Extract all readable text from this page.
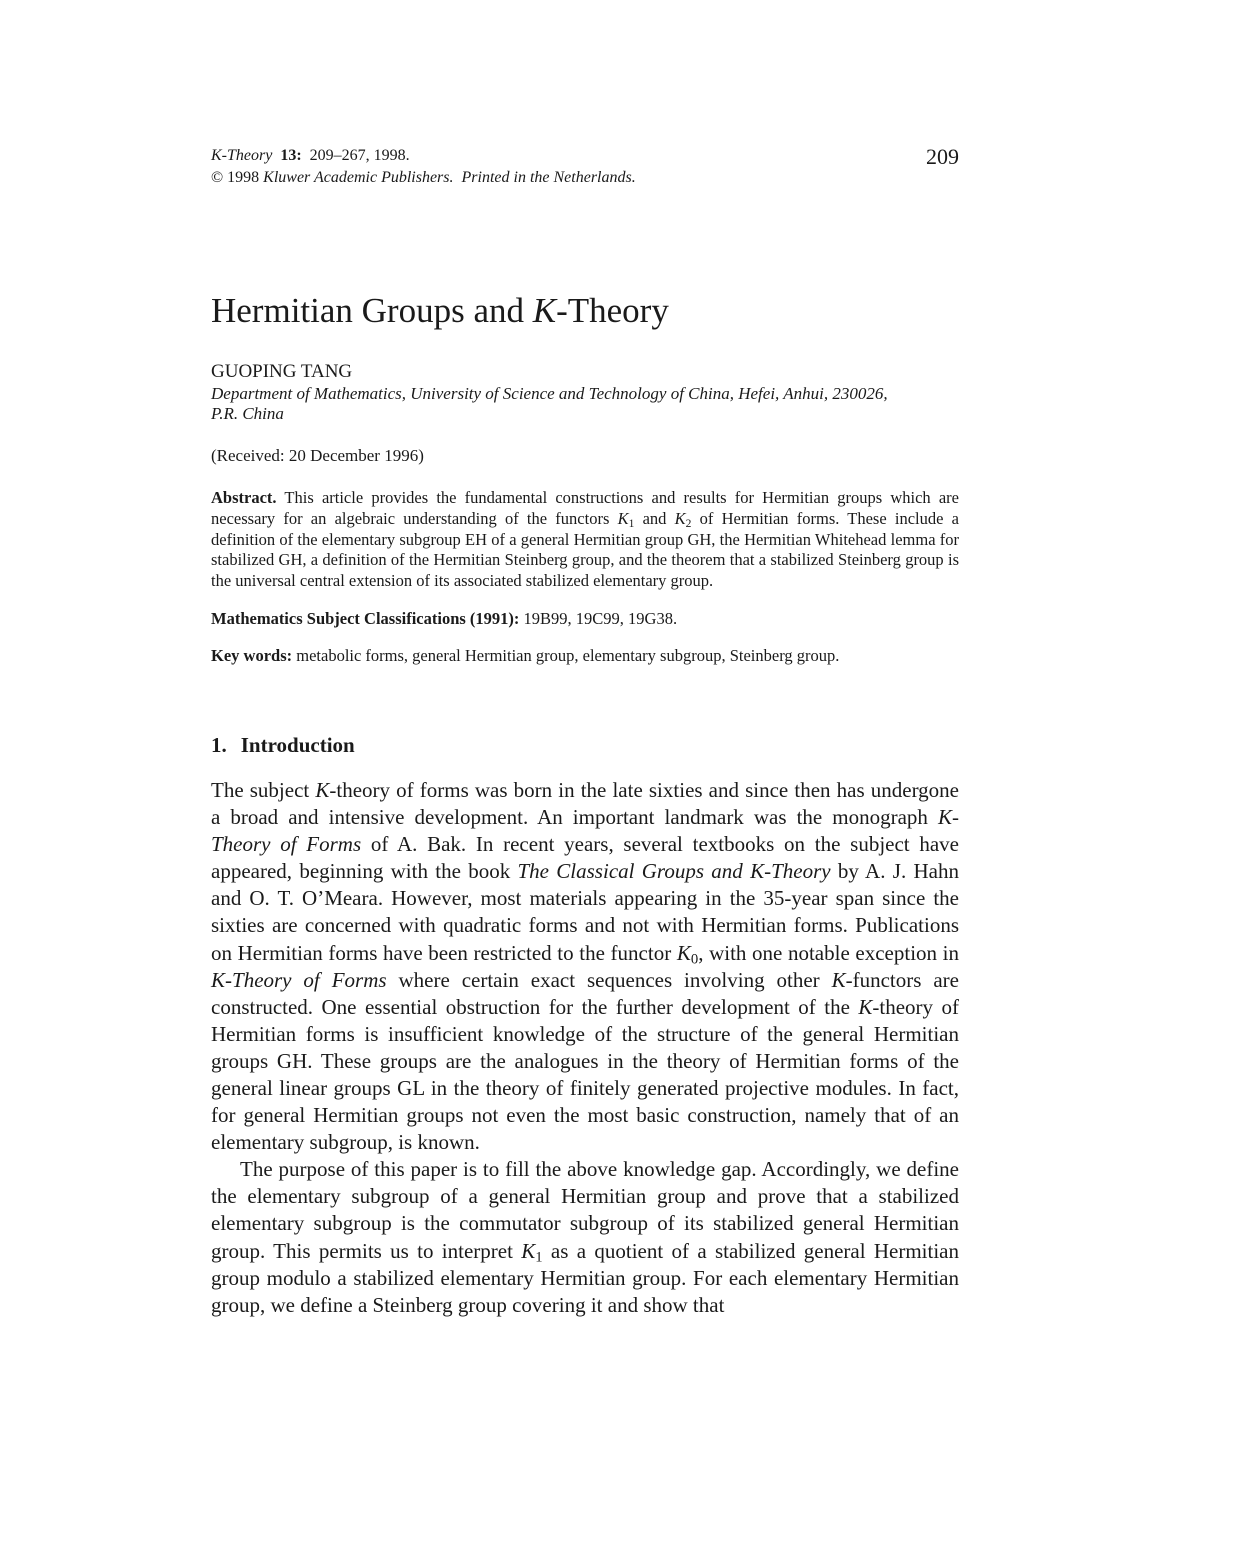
K-Theory 13: 209–267, 1998.
© 1998 Kluwer Academic Publishers. Printed in the Netherlands.
209
Hermitian Groups and K-Theory
GUOPING TANG
Department of Mathematics, University of Science and Technology of China, Hefei, Anhui, 230026, P.R. China
(Received: 20 December 1996)
Abstract. This article provides the fundamental constructions and results for Hermitian groups which are necessary for an algebraic understanding of the functors $K_1$ and $K_2$ of Hermitian forms. These include a definition of the elementary subgroup EH of a general Hermitian group GH, the Hermitian Whitehead lemma for stabilized GH, a definition of the Hermitian Steinberg group, and the theorem that a stabilized Steinberg group is the universal central extension of its associated stabilized elementary group.
Mathematics Subject Classifications (1991): 19B99, 19C99, 19G38.
Key words: metabolic forms, general Hermitian group, elementary subgroup, Steinberg group.
1. Introduction

The subject K-theory of forms was born in the late sixties and since then has undergone a broad and intensive development. An important landmark was the monograph K-Theory of Forms of A. Bak. In recent years, several textbooks on the subject have appeared, beginning with the book The Classical Groups and K-Theory by A. J. Hahn and O. T. O’Meara. However, most materials appearing in the 35-year span since the sixties are concerned with quadratic forms and not with Hermitian forms. Publications on Hermitian forms have been restricted to the functor $K_0$, with one notable exception in K-Theory of Forms where certain exact sequences involving other K-functors are constructed. One essential obstruction for the further development of the K-theory of Hermitian forms is insufficient knowledge of the structure of the general Hermitian groups GH. These groups are the analogues in the theory of Hermitian forms of the general linear groups GL in the theory of finitely generated projective modules. In fact, for general Hermitian groups not even the most basic construction, namely that of an elementary subgroup, is known.

The purpose of this paper is to fill the above knowledge gap. Accordingly, we define the elementary subgroup of a general Hermitian group and prove that a stabilized elementary subgroup is the commutator subgroup of its stabilized general Hermitian group. This permits us to interpret $K_1$ as a quotient of a stabilized general Hermitian group modulo a stabilized elementary Hermitian group. For each elementary Hermitian group, we define a Steinberg group covering it and show that
